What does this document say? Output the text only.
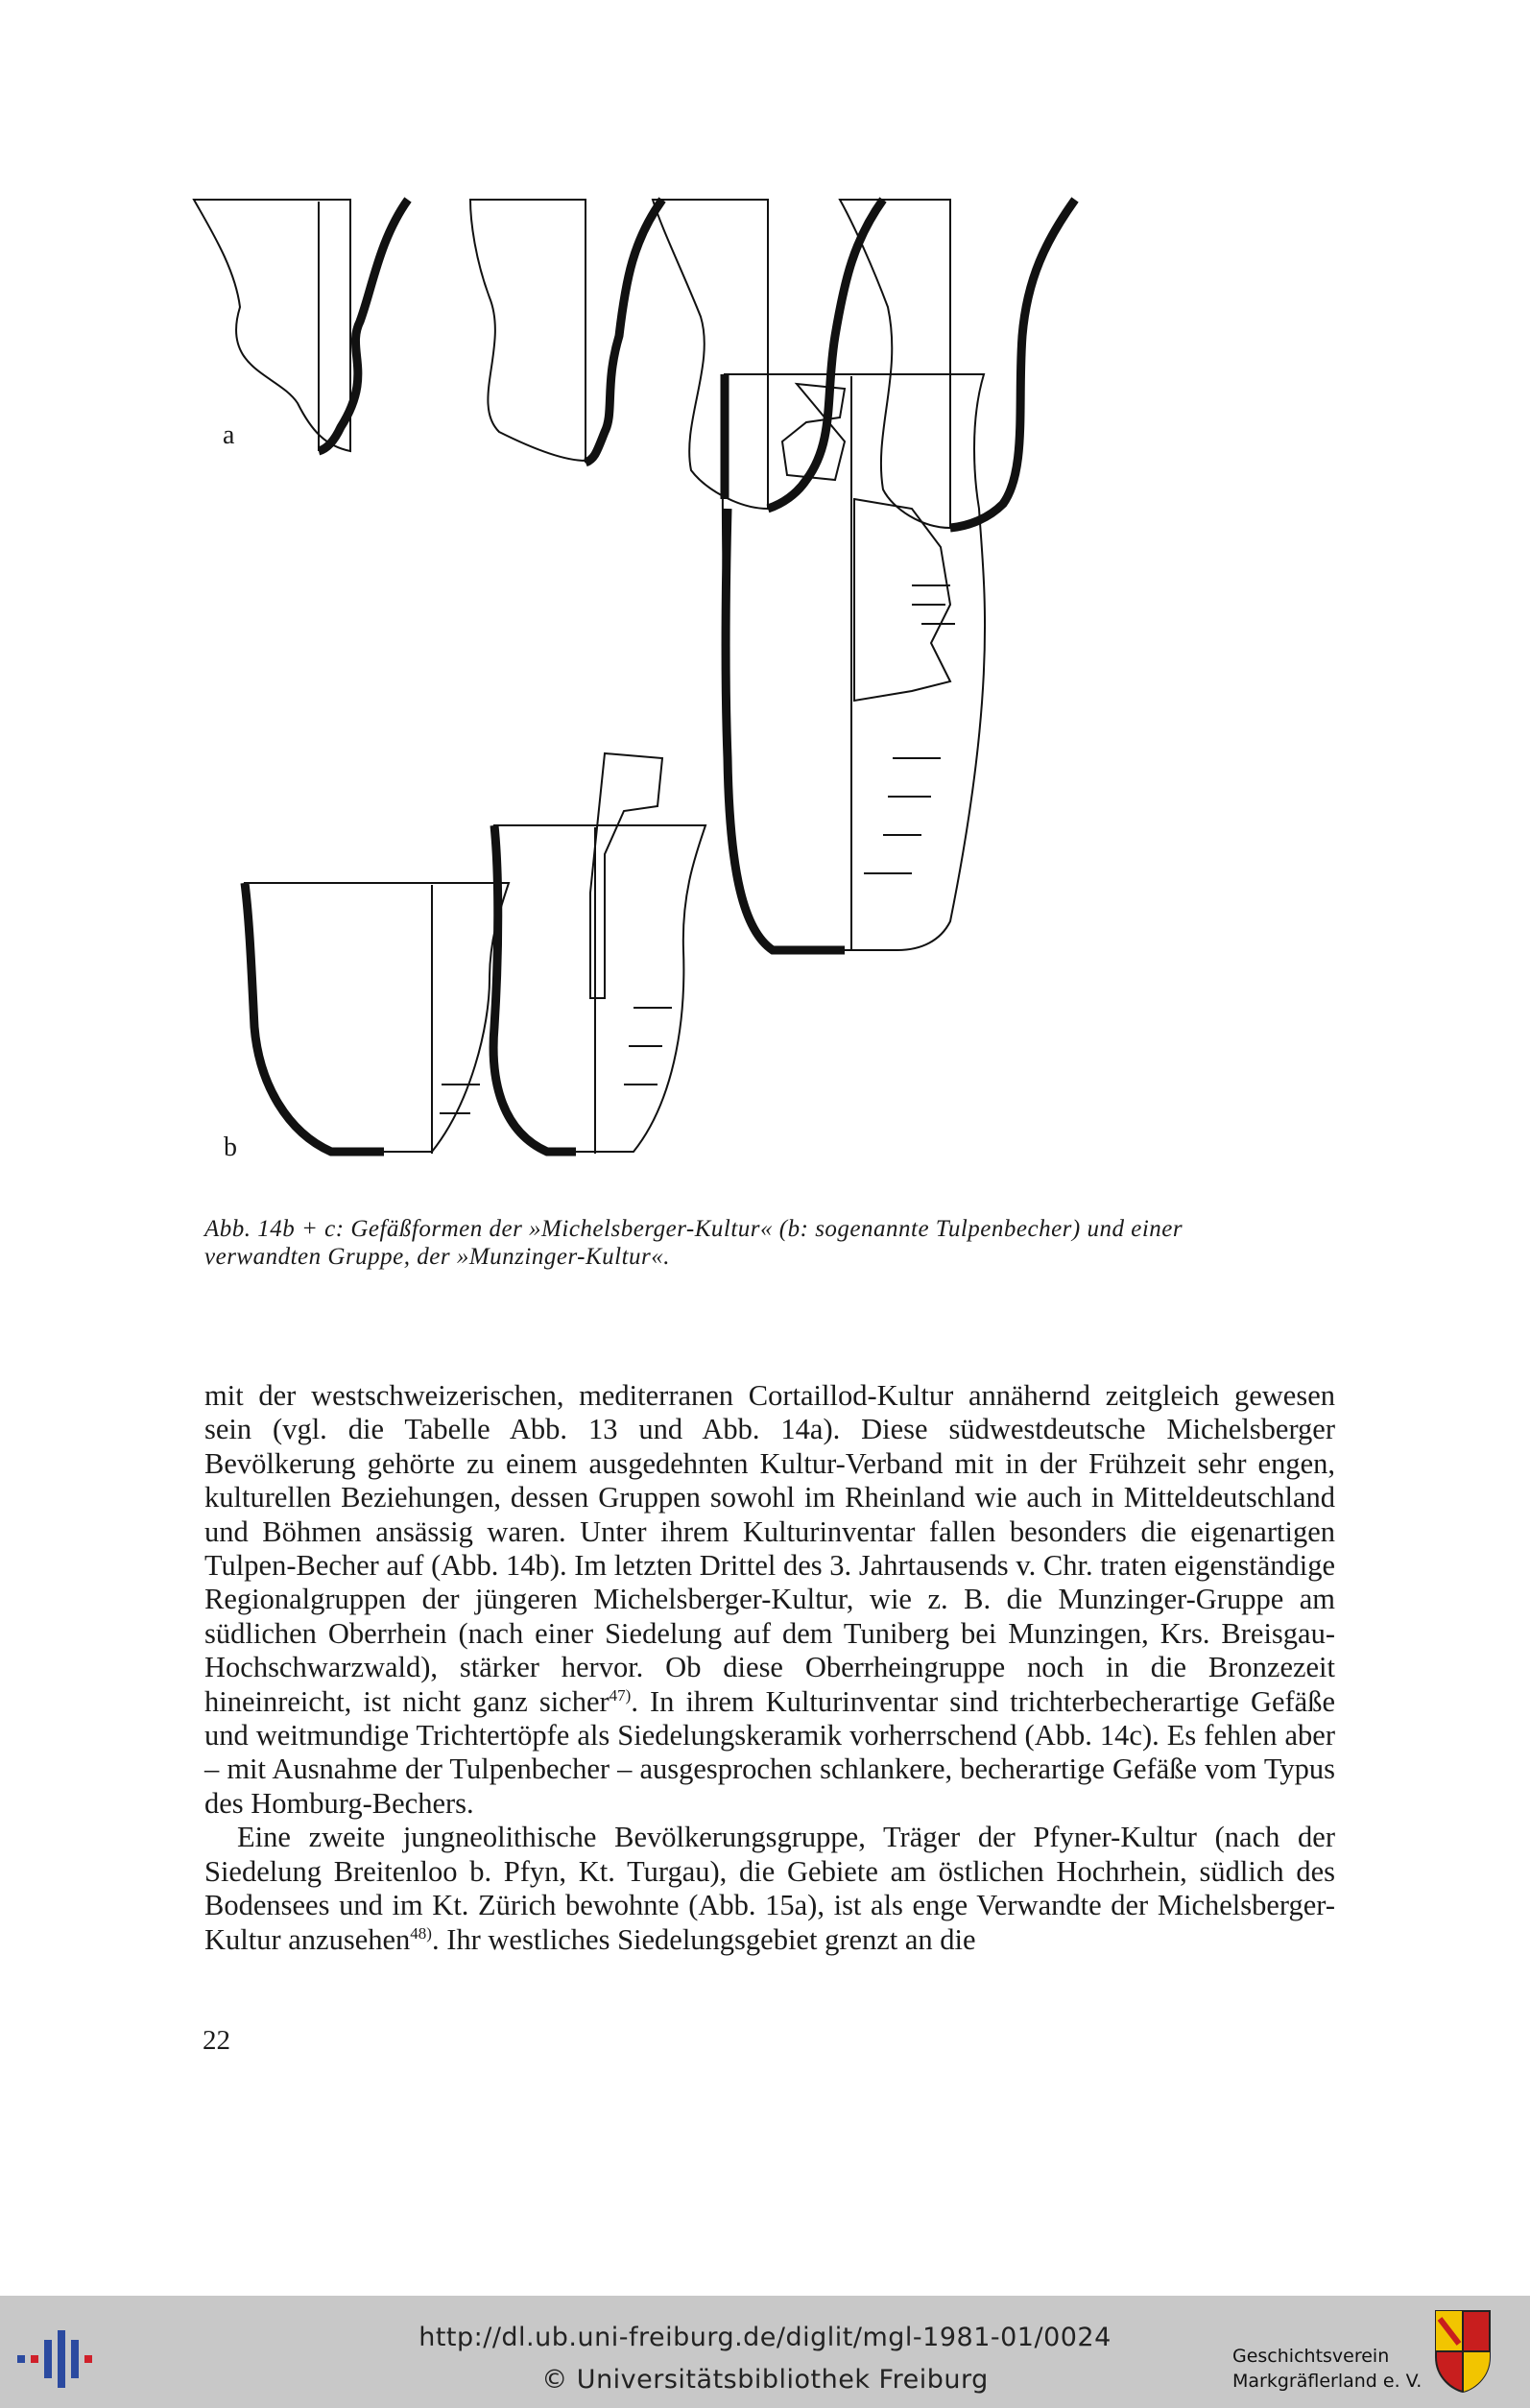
a
b
Abb. 14b + c: Gefäßformen der »Michelsberger-Kultur« (b: sogenannte Tulpenbecher) und einer
verwandten Gruppe, der »Munzinger-Kultur«.

mit der westschweizerischen, mediterranen Cortaillod-Kultur annähernd zeitgleich gewesen sein (vgl. die Tabelle Abb. 13 und Abb. 14a). Diese südwestdeutsche Michelsberger Bevölkerung gehörte zu einem ausgedehnten Kultur-Verband mit in der Frühzeit sehr engen, kulturellen Beziehungen, dessen Gruppen sowohl im Rheinland wie auch in Mitteldeutschland und Böhmen ansässig waren. Unter ihrem Kulturinventar fallen besonders die eigenartigen Tulpen-Becher auf (Abb. 14b). Im letzten Drittel des 3. Jahrtausends v. Chr. traten eigenständige Regionalgruppen der jüngeren Michelsberger-Kultur, wie z. B. die Munzinger-Gruppe am südlichen Oberrhein (nach einer Siedelung auf dem Tuniberg bei Munzingen, Krs. Breisgau-Hochschwarzwald), stärker hervor. Ob diese Oberrheingruppe noch in die Bronzezeit hineinreicht, ist nicht ganz sicher$^{47)}$. In ihrem Kulturinventar sind trichterbecherartige Gefäße und weitmundige Trichtertöpfe als Siedelungskeramik vorherrschend (Abb. 14c). Es fehlen aber – mit Ausnahme der Tulpenbecher – ausgesprochen schlankere, becherartige Gefäße vom Typus des Homburg-Bechers.

Eine zweite jungneolithische Bevölkerungsgruppe, Träger der Pfyner-Kultur (nach der Siedelung Breitenloo b. Pfyn, Kt. Turgau), die Gebiete am östlichen Hochrhein, südlich des Bodensees und im Kt. Zürich bewohnte (Abb. 15a), ist als enge Verwandte der Michelsberger-Kultur anzusehen$^{48)}$. Ihr westliches Siedelungsgebiet grenzt an die

22
http://dl.ub.uni-freiburg.de/diglit/mgl-1981-01/0024
© Universitätsbibliothek Freiburg
Geschichtsverein
Markgräflerland e. V.
